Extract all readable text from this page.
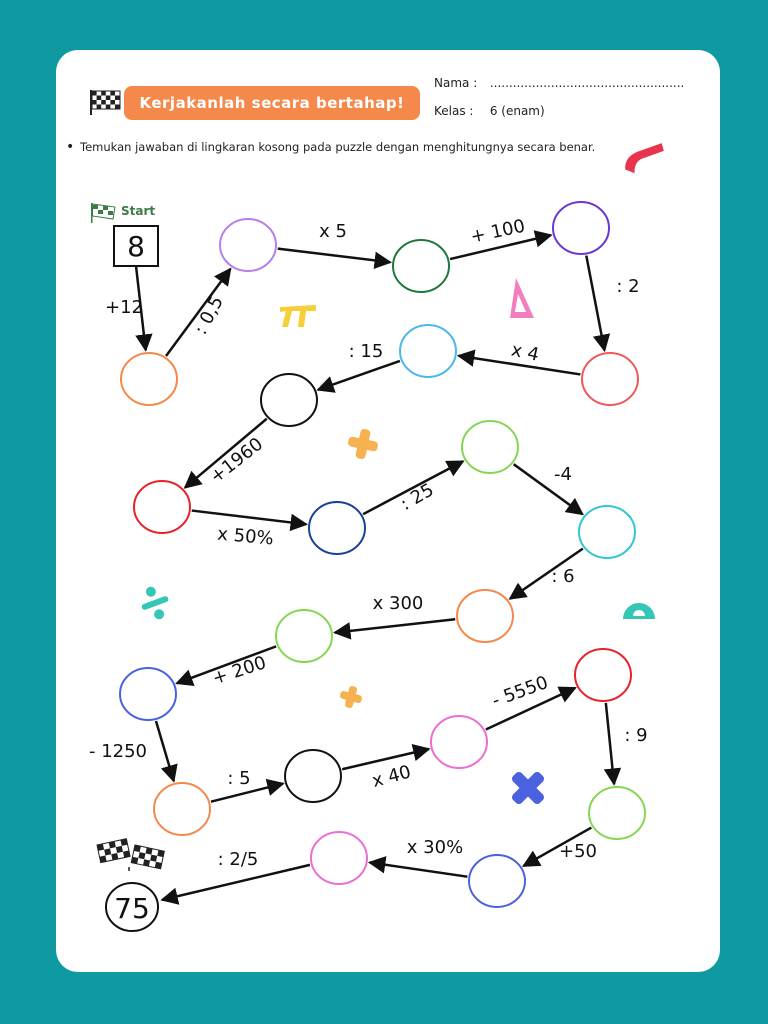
Kerjakanlah secara bertahap!
Nama : ...................................................
Kelas : 6 (enam)
• Temukan jawaban di lingkaran kosong pada puzzle dengan menghitungnya secara benar.
Start
8
75
+12	: 0,5
x 5	+ 100
: 2
x 4
: 15
+1960
x 50%
: 25
-4
: 6
x 300
+ 200
- 1250
: 5	x 40
- 5550
: 9
+50
x 30%
: 2/5
